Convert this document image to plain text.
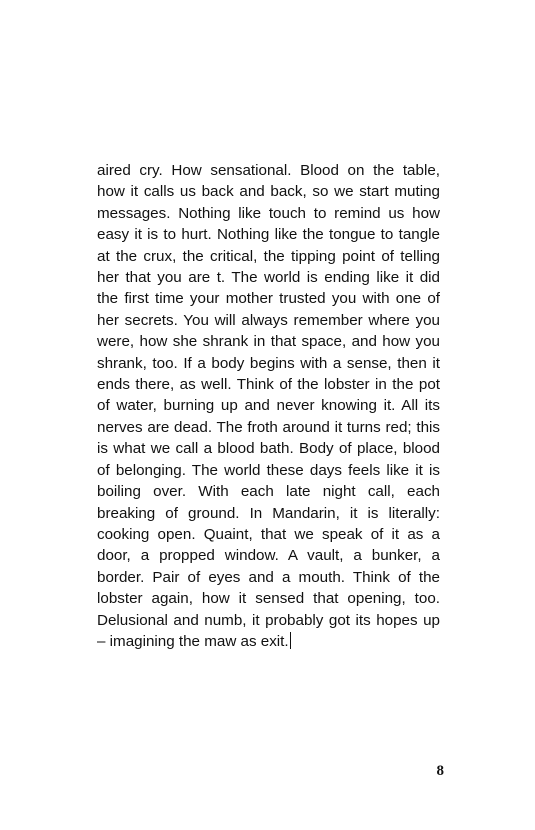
aired cry. How sensational. Blood on the table, how it calls us back and back, so we start muting messages. Nothing like touch to remind us how easy it is to hurt. Nothing like the tongue to tangle at the crux, the critical, the tipping point of telling her that you are t. The world is ending like it did the first time your mother trusted you with one of her secrets. You will always remember where you were, how she shrank in that space, and how you shrank, too. If a body begins with a sense, then it ends there, as well. Think of the lobster in the pot of water, burning up and never knowing it. All its nerves are dead. The froth around it turns red; this is what we call a blood bath. Body of place, blood of belonging. The world these days feels like it is boiling over. With each late night call, each breaking of ground. In Mandarin, it is literally: cooking open. Quaint, that we speak of it as a door, a propped window. A vault, a bunker, a border. Pair of eyes and a mouth. Think of the lobster again, how it sensed that opening, too. Delusional and numb, it probably got its hopes up – imagining the maw as exit.

8
